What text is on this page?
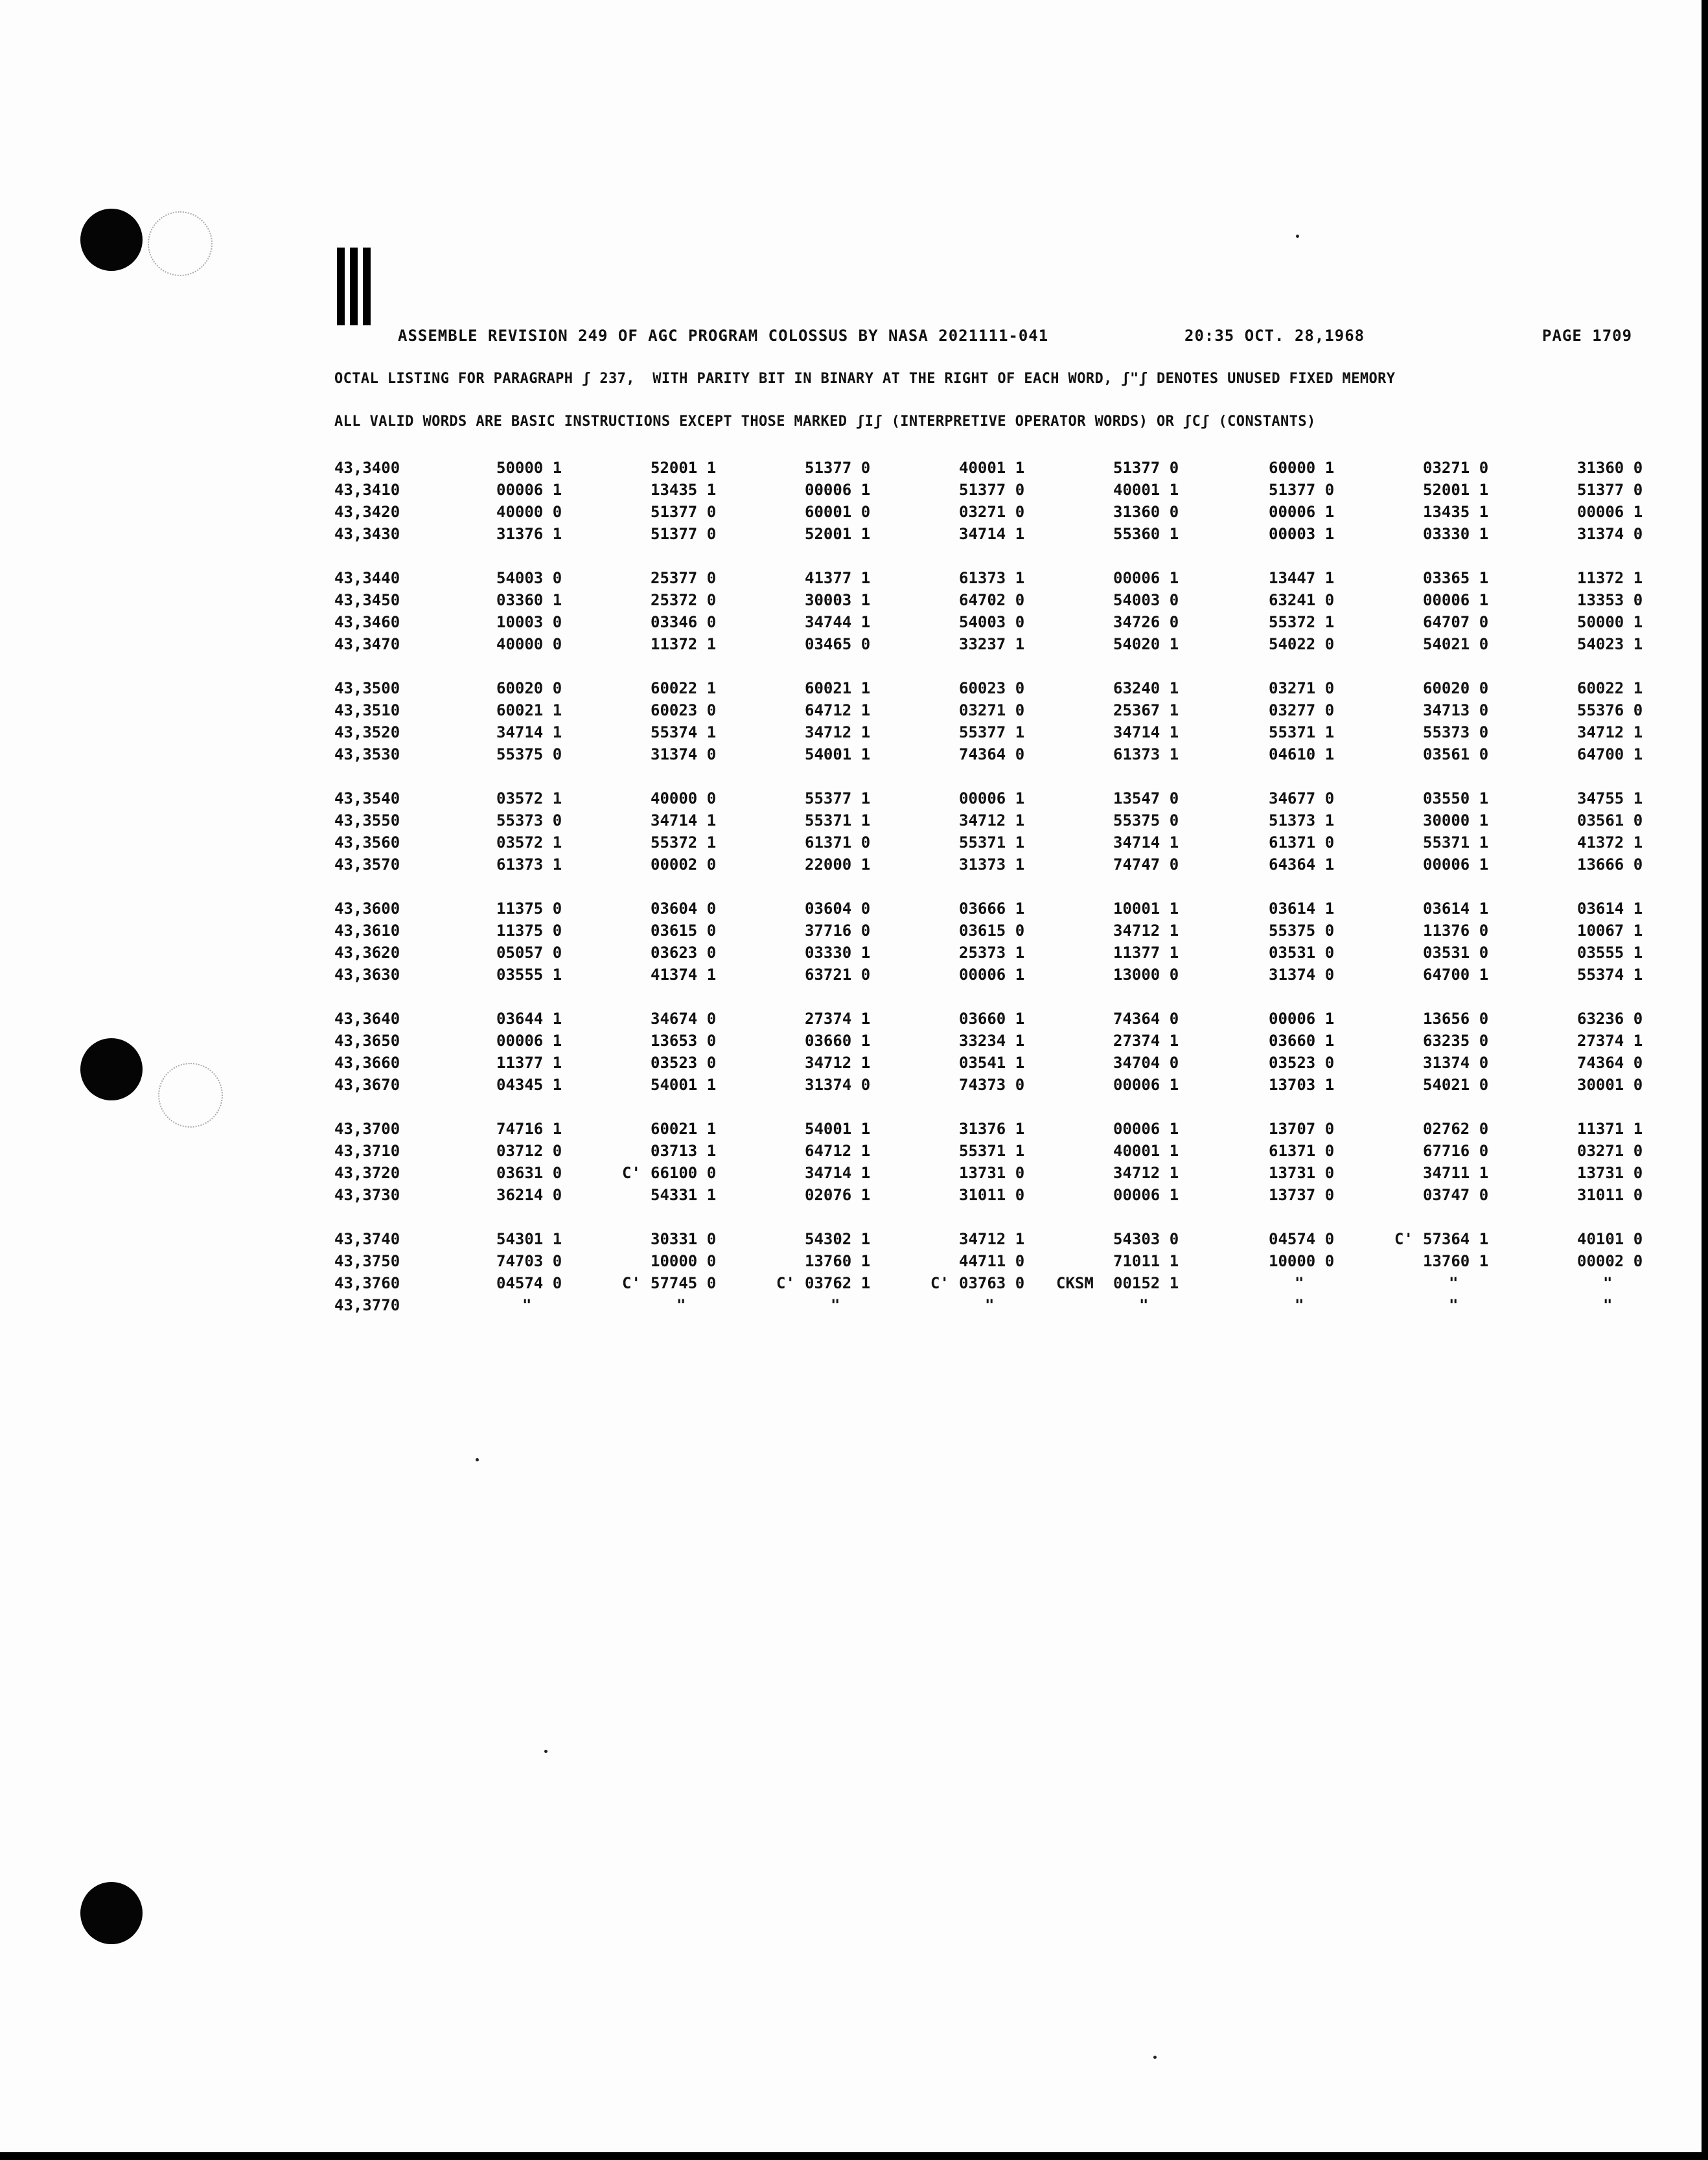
ASSEMBLE REVISION 249 OF AGC PROGRAM COLOSSUS BY NASA 2021111-041	20:35 OCT. 28,1968	PAGE 1709
OCTAL LISTING FOR PARAGRAPH ʃ 237,  WITH PARITY BIT IN BINARY AT THE RIGHT OF EACH WORD, ʃ"ʃ DENOTES UNUSED FIXED MEMORY
ALL VALID WORDS ARE BASIC INSTRUCTIONS EXCEPT THOSE MARKED ʃIʃ (INTERPRETIVE OPERATOR WORDS) OR ʃCʃ (CONSTANTS)
43,3400	50000 1	52001 1	51377 0	40001 1	51377 0	60000 1	03271 0	31360 0
43,3410	00006 1	13435 1	00006 1	51377 0	40001 1	51377 0	52001 1	51377 0
43,3420	40000 0	51377 0	60001 0	03271 0	31360 0	00006 1	13435 1	00006 1
43,3430	31376 1	51377 0	52001 1	34714 1	55360 1	00003 1	03330 1	31374 0
43,3440	54003 0	25377 0	41377 1	61373 1	00006 1	13447 1	03365 1	11372 1
43,3450	03360 1	25372 0	30003 1	64702 0	54003 0	63241 0	00006 1	13353 0
43,3460	10003 0	03346 0	34744 1	54003 0	34726 0	55372 1	64707 0	50000 1
43,3470	40000 0	11372 1	03465 0	33237 1	54020 1	54022 0	54021 0	54023 1
43,3500	60020 0	60022 1	60021 1	60023 0	63240 1	03271 0	60020 0	60022 1
43,3510	60021 1	60023 0	64712 1	03271 0	25367 1	03277 0	34713 0	55376 0
43,3520	34714 1	55374 1	34712 1	55377 1	34714 1	55371 1	55373 0	34712 1
43,3530	55375 0	31374 0	54001 1	74364 0	61373 1	04610 1	03561 0	64700 1
43,3540	03572 1	40000 0	55377 1	00006 1	13547 0	34677 0	03550 1	34755 1
43,3550	55373 0	34714 1	55371 1	34712 1	55375 0	51373 1	30000 1	03561 0
43,3560	03572 1	55372 1	61371 0	55371 1	34714 1	61371 0	55371 1	41372 1
43,3570	61373 1	00002 0	22000 1	31373 1	74747 0	64364 1	00006 1	13666 0
43,3600	11375 0	03604 0	03604 0	03666 1	10001 1	03614 1	03614 1	03614 1
43,3610	11375 0	03615 0	37716 0	03615 0	34712 1	55375 0	11376 0	10067 1
43,3620	05057 0	03623 0	03330 1	25373 1	11377 1	03531 0	03531 0	03555 1
43,3630	03555 1	41374 1	63721 0	00006 1	13000 0	31374 0	64700 1	55374 1
43,3640	03644 1	34674 0	27374 1	03660 1	74364 0	00006 1	13656 0	63236 0
43,3650	00006 1	13653 0	03660 1	33234 1	27374 1	03660 1	63235 0	27374 1
43,3660	11377 1	03523 0	34712 1	03541 1	34704 0	03523 0	31374 0	74364 0
43,3670	04345 1	54001 1	31374 0	74373 0	00006 1	13703 1	54021 0	30001 0
43,3700	74716 1	60021 1	54001 1	31376 1	00006 1	13707 0	02762 0	11371 1
43,3710	03712 0	03713 1	64712 1	55371 1	40001 1	61371 0	67716 0	03271 0
43,3720	03631 0	C' 66100 0	34714 1	13731 0	34712 1	13731 0	34711 1	13731 0
43,3730	36214 0	54331 1	02076 1	31011 0	00006 1	13737 0	03747 0	31011 0
43,3740	54301 1	30331 0	54302 1	34712 1	54303 0	04574 0	C' 57364 1	40101 0
43,3750	74703 0	10000 0	13760 1	44711 0	71011 1	10000 0	13760 1	00002 0
43,3760	04574 0	C' 57745 0	C' 03762 1	C' 03763 0 CKSM 00152 1	"	"	"
43,3770	"	"	"	"	"	"	"	"
